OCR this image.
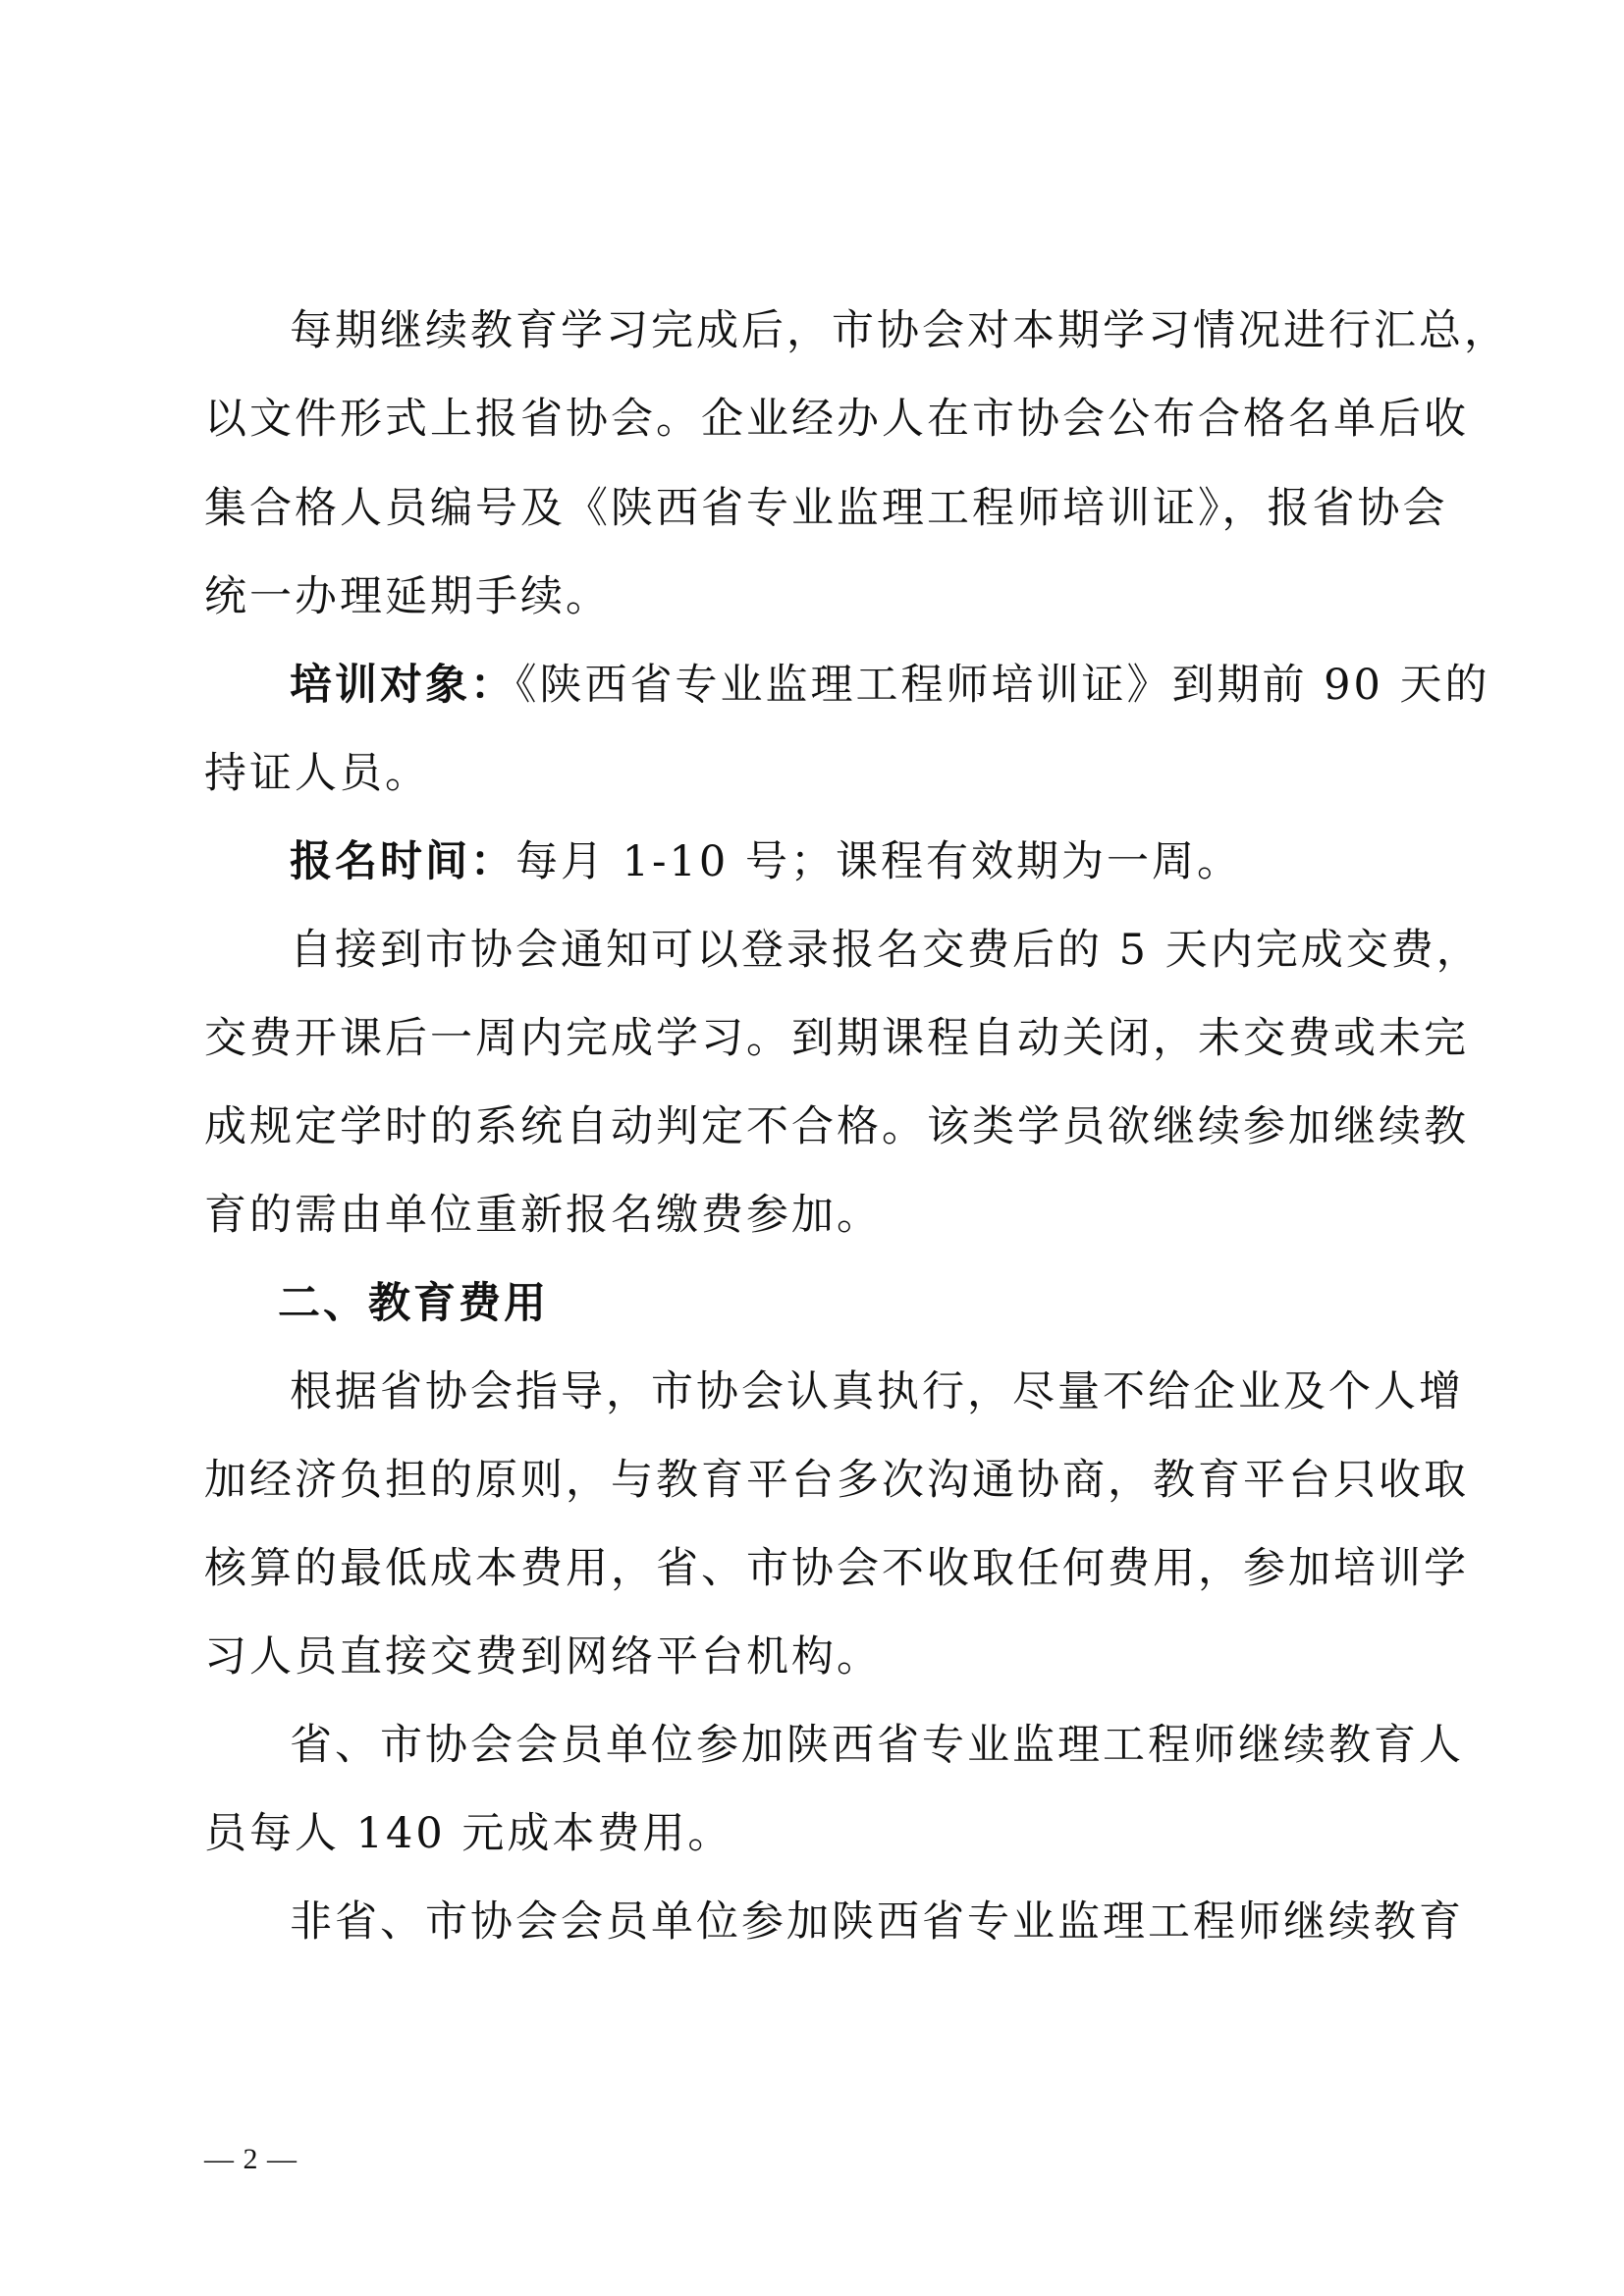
每期继续教育学习完成后，市协会对本期学习情况进行汇总，
以文件形式上报省协会。企业经办人在市协会公布合格名单后收
集合格人员编号及《陕西省专业监理工程师培训证》，报省协会
统一办理延期手续。
培训对象：《陕西省专业监理工程师培训证》到期前 90 天的
持证人员。
报名时间：每月 1-10 号；课程有效期为一周。
自接到市协会通知可以登录报名交费后的 5 天内完成交费，
交费开课后一周内完成学习。到期课程自动关闭，未交费或未完
成规定学时的系统自动判定不合格。该类学员欲继续参加继续教
育的需由单位重新报名缴费参加。
二、教育费用
根据省协会指导，市协会认真执行，尽量不给企业及个人增
加经济负担的原则，与教育平台多次沟通协商，教育平台只收取
核算的最低成本费用，省、市协会不收取任何费用，参加培训学
习人员直接交费到网络平台机构。
省、市协会会员单位参加陕西省专业监理工程师继续教育人
员每人 140 元成本费用。
非省、市协会会员单位参加陕西省专业监理工程师继续教育
— 2 —
